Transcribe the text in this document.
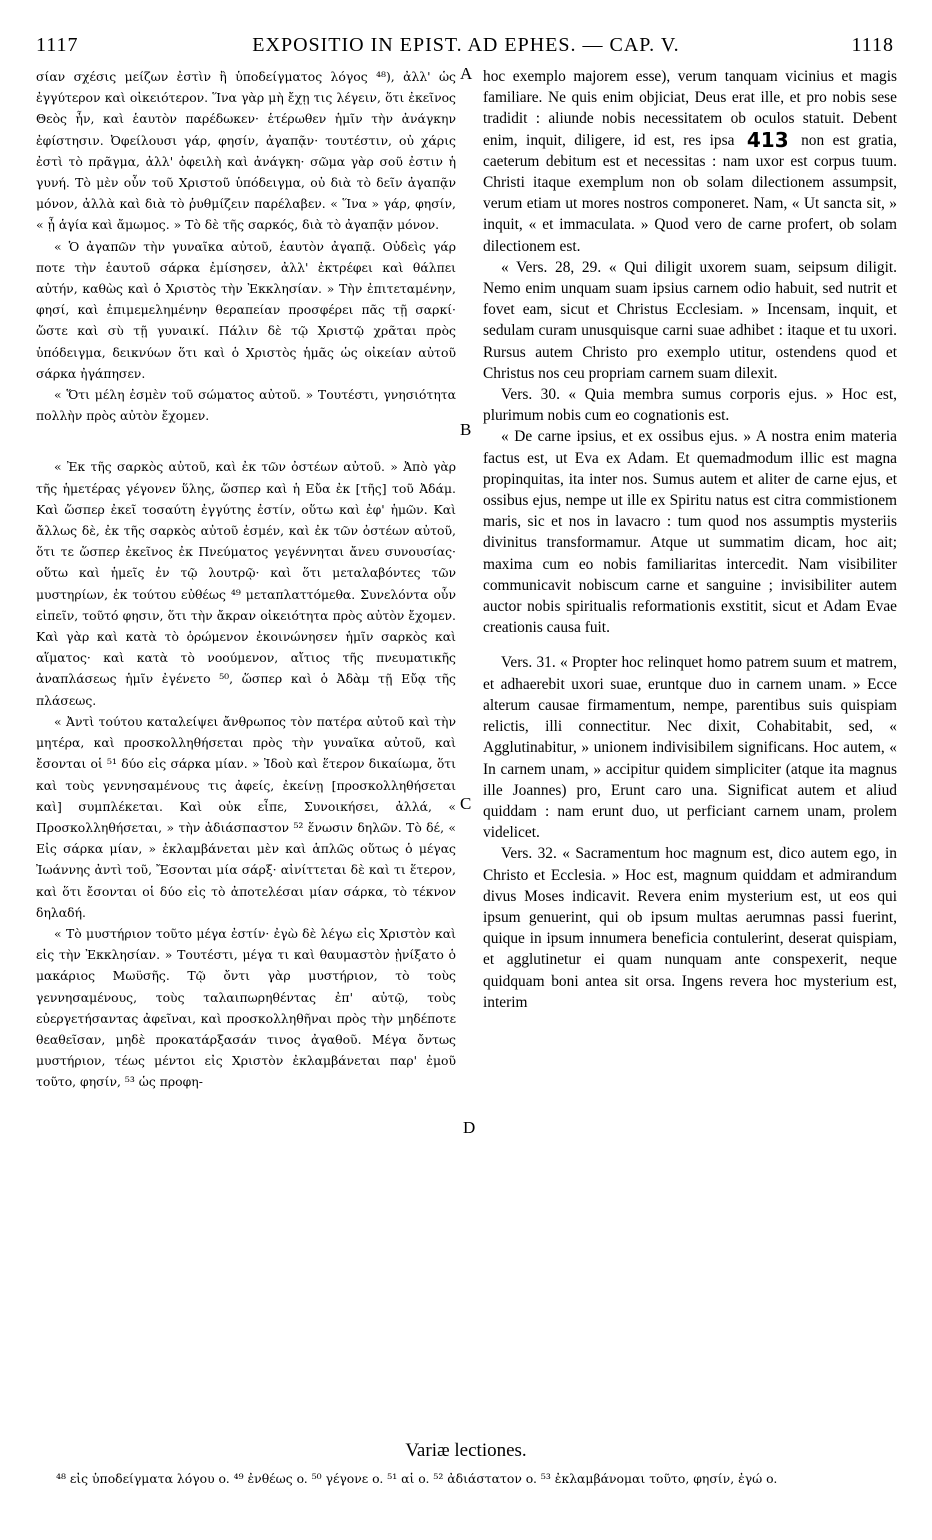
1117	EXPOSITIO IN EPIST. AD EPHES. — CAP. V.	1118

σίαν σχέσις μείζων ἐστὶν ἢ ὑποδείγματος λόγος ⁴⁸), ἀλλ' ὡς ἐγγύτερον καὶ οἰκειότερον. Ἵνα γὰρ μὴ ἔχῃ τις λέγειν, ὅτι ἐκεῖνος Θεὸς ἦν, καὶ ἑαυτὸν παρέδωκεν· ἑτέρωθεν ἡμῖν τὴν ἀνάγκην ἐφίστησιν. Ὀφείλουσι γάρ, φησίν, ἀγαπᾷν· τουτέστιν, οὐ χάρις ἐστὶ τὸ πρᾶγμα, ἀλλ' ὀφειλὴ καὶ ἀνάγκη· σῶμα γὰρ σοῦ ἐστιν ἡ γυνή. Τὸ μὲν οὖν τοῦ Χριστοῦ ὑπόδειγμα, οὐ διὰ τὸ δεῖν ἀγαπᾷν μόνον, ἀλλὰ καὶ διὰ τὸ ῥυθμίζειν παρέλαβεν. « Ἵνα » γάρ, φησίν, « ᾖ ἁγία καὶ ἄμωμος. » Τὸ δὲ τῆς σαρκός, διὰ τὸ ἀγαπᾷν μόνον.

« Ὁ ἀγαπῶν τὴν γυναῖκα αὐτοῦ, ἑαυτὸν ἀγαπᾷ. Οὐδεὶς γάρ ποτε τὴν ἑαυτοῦ σάρκα ἐμίσησεν, ἀλλ' ἐκτρέφει καὶ θάλπει αὐτήν, καθὼς καὶ ὁ Χριστὸς τὴν Ἐκκλησίαν. » Τὴν ἐπιτεταμένην, φησί, καὶ ἐπιμεμελημένην θεραπείαν προσφέρει πᾶς τῇ σαρκί· ὥστε καὶ σὺ τῇ γυναικί. Πάλιν δὲ τῷ Χριστῷ χρᾶται πρὸς ὑπόδειγμα, δεικνύων ὅτι καὶ ὁ Χριστὸς ἡμᾶς ὡς οἰκείαν αὐτοῦ σάρκα ἠγάπησεν.

« Ὅτι μέλη ἐσμὲν τοῦ σώματος αὐτοῦ. » Τουτέστι, γνησιότητα πολλὴν πρὸς αὐτὸν ἔχομεν.

« Ἐκ τῆς σαρκὸς αὐτοῦ, καὶ ἐκ τῶν ὀστέων αὐτοῦ. » Ἀπὸ γὰρ τῆς ἡμετέρας γέγονεν ὕλης, ὥσπερ καὶ ἡ Εὔα ἐκ [τῆς] τοῦ Ἀδάμ. Καὶ ὥσπερ ἐκεῖ τοσαύτη ἐγγύτης ἐστίν, οὕτω καὶ ἐφ' ἡμῶν. Καὶ ἄλλως δὲ, ἐκ τῆς σαρκὸς αὐτοῦ ἐσμέν, καὶ ἐκ τῶν ὀστέων αὐτοῦ, ὅτι τε ὥσπερ ἐκεῖνος ἐκ Πνεύματος γεγέννηται ἄνευ συνουσίας· οὕτω καὶ ἡμεῖς ἐν τῷ λουτρῷ· καὶ ὅτι μεταλαβόντες τῶν μυστηρίων, ἐκ τούτου εὐθέως ⁴⁹ μεταπλαττόμεθα. Συνελόντα οὖν εἰπεῖν, τοῦτό φησιν, ὅτι τὴν ἄκραν οἰκειότητα πρὸς αὐτὸν ἔχομεν. Καὶ γὰρ καὶ κατὰ τὸ ὁρώμενον ἐκοινώνησεν ἡμῖν σαρκὸς καὶ αἵματος· καὶ κατὰ τὸ νοούμενον, αἴτιος τῆς πνευματικῆς ἀναπλάσεως ἡμῖν ἐγένετο ⁵⁰, ὥσπερ καὶ ὁ Ἀδὰμ τῇ Εὔᾳ τῆς πλάσεως.

« Ἀντὶ τούτου καταλείψει ἄνθρωπος τὸν πατέρα αὐτοῦ καὶ τὴν μητέρα, καὶ προσκολληθήσεται πρὸς τὴν γυναῖκα αὐτοῦ, καὶ ἔσονται οἱ ⁵¹ δύο εἰς σάρκα μίαν. » Ἰδοὺ καὶ ἕτερον δικαίωμα, ὅτι καὶ τοὺς γεννησαμένους τις ἀφείς, ἐκείνῃ [προσκολληθήσεται καὶ] συμπλέκεται. Καὶ οὐκ εἶπε, Συνοικήσει, ἀλλά, « Προσκολληθήσεται, » τὴν ἀδιάσπαστον ⁵² ἕνωσιν δηλῶν. Τὸ δέ, « Εἰς σάρκα μίαν, » ἐκλαμβάνεται μὲν καὶ ἁπλῶς οὕτως ὁ μέγας Ἰωάννης ἀντὶ τοῦ, Ἔσονται μία σάρξ· αἰνίττεται δὲ καὶ τι ἕτερον, καὶ ὅτι ἔσονται οἱ δύο εἰς τὸ ἀποτελέσαι μίαν σάρκα, τὸ τέκνον δηλαδή.

« Τὸ μυστήριον τοῦτο μέγα ἐστίν· ἐγὼ δὲ λέγω εἰς Χριστὸν καὶ εἰς τὴν Ἐκκλησίαν. » Τουτέστι, μέγα τι καὶ θαυμαστὸν ᾐνίξατο ὁ μακάριος Μωϋσῆς. Τῷ ὄντι γὰρ μυστήριον, τὸ τοὺς γεννησαμένους, τοὺς ταλαιπωρηθέντας ἐπ' αὐτῷ, τοὺς εὐεργετήσαντας ἀφεῖναι, καὶ προσκολληθῆναι πρὸς τὴν μηδέποτε θεαθεῖσαν, μηδὲ προκατάρξασάν τινος ἀγαθοῦ. Μέγα ὄντως μυστήριον, τέως μέντοι εἰς Χριστὸν ἐκλαμβάνεται παρ' ἐμοῦ τοῦτο, φησίν, ⁵³ ὡς προφη-

A
B
C
D

hoc exemplo majorem esse), verum tanquam vicinius et magis familiare. Ne quis enim objiciat, Deus erat ille, et pro nobis sese tradidit : aliunde nobis necessitatem ob oculos statuit. Debent enim, inquit, diligere, id est, res ipsa 413 non est gratia, caeterum debitum est et necessitas : nam uxor est corpus tuum. Christi itaque exemplum non ob solam dilectionem assumpsit, verum etiam ut mores nostros componeret. Nam, « Ut sancta sit, » inquit, « et immaculata. » Quod vero de carne profert, ob solam dilectionem est.

« Vers. 28, 29. « Qui diligit uxorem suam, seipsum diligit. Nemo enim unquam suam ipsius carnem odio habuit, sed nutrit et fovet eam, sicut et Christus Ecclesiam. » Incensam, inquit, et sedulam curam unusquisque carni suae adhibet : itaque et tu uxori. Rursus autem Christo pro exemplo utitur, ostendens quod et Christus nos ceu propriam carnem suam dilexit.

Vers. 30. « Quia membra sumus corporis ejus. » Hoc est, plurimum nobis cum eo cognationis est.

« De carne ipsius, et ex ossibus ejus. » A nostra enim materia factus est, ut Eva ex Adam. Et quemadmodum illic est magna propinquitas, ita inter nos. Sumus autem et aliter de carne ejus, et ossibus ejus, nempe ut ille ex Spiritu natus est citra commistionem maris, sic et nos in lavacro : tum quod nos assumptis mysteriis divinitus transformamur. Atque ut summatim dicam, hoc ait; maxima cum eo nobis familiaritas intercedit. Nam visibiliter communicavit nobiscum carne et sanguine ; invisibiliter autem auctor nobis spiritualis reformationis exstitit, sicut et Adam Evae creationis causa fuit.

Vers. 31. « Propter hoc relinquet homo patrem suum et matrem, et adhaerebit uxori suae, eruntque duo in carnem unam. » Ecce alterum causae firmamentum, nempe, parentibus suis quispiam relictis, illi connectitur. Nec dixit, Cohabitabit, sed, « Agglutinabitur, » unionem indivisibilem significans. Hoc autem, « In carnem unam, » accipitur quidem simpliciter (atque ita magnus ille Joannes) pro, Erunt caro una. Significat autem et aliud quiddam : nam erunt duo, ut perficiant carnem unam, prolem videlicet.

Vers. 32. « Sacramentum hoc magnum est, dico autem ego, in Christo et Ecclesia. » Hoc est, magnum quiddam et admirandum divus Moses indicavit. Revera enim mysterium est, ut eos qui ipsum genuerint, qui ob ipsum multas aerumnas passi fuerint, quique in ipsum innumera beneficia contulerint, deserat quispiam, et agglutinetur ei quam nunquam ante conspexerit, neque quidquam boni antea sit orsa. Ingens revera hoc mysterium est, interim

Variæ lectiones.
⁴⁸ εἰς ὑποδείγματα λόγου o. ⁴⁹ ἐνθέως o. ⁵⁰ γέγονε o. ⁵¹ αἱ o. ⁵² ἀδιάστατον o. ⁵³ ἐκλαμβάνομαι τοῦτο, φησίν, ἐγώ o.
